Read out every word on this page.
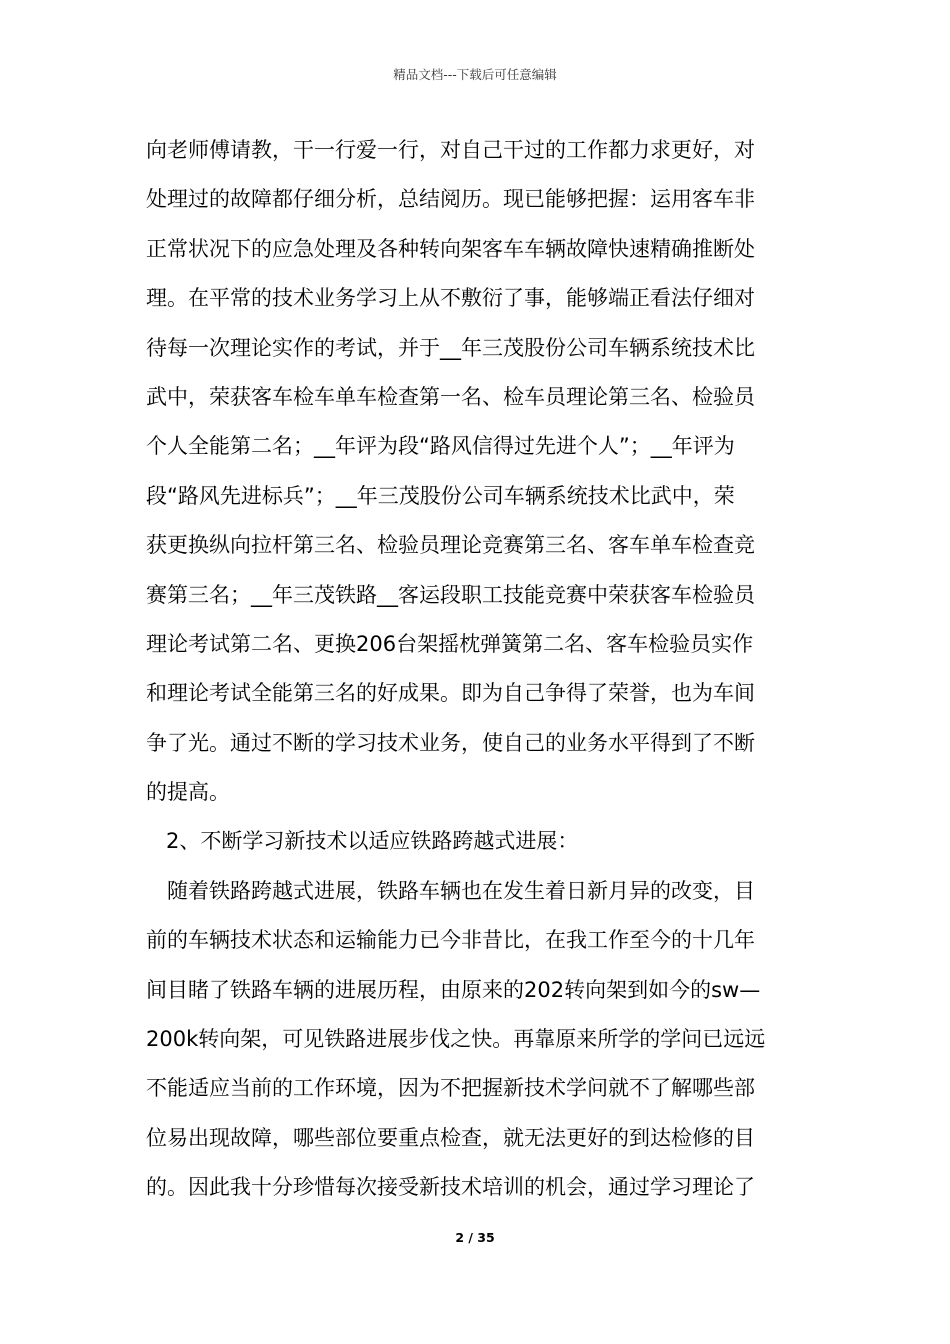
精品文档---下载后可任意编辑
向老师傅请教，干一行爱一行，对自己干过的工作都力求更好，对
处理过的故障都仔细分析，总结阅历。现已能够把握：运用客车非
正常状况下的应急处理及各种转向架客车车辆故障快速精确推断处
理。在平常的技术业务学习上从不敷衍了事，能够端正看法仔细对
待每一次理论实作的考试，并于__年三茂股份公司车辆系统技术比
武中，荣获客车检车单车检查第一名、检车员理论第三名、检验员
个人全能第二名；__年评为段“路风信得过先进个人”；__年评为
段“路风先进标兵”；__年三茂股份公司车辆系统技术比武中，荣
获更换纵向拉杆第三名、检验员理论竞赛第三名、客车单车检查竞
赛第三名；__年三茂铁路__客运段职工技能竞赛中荣获客车检验员
理论考试第二名、更换206台架摇枕弹簧第二名、客车检验员实作
和理论考试全能第三名的好成果。即为自己争得了荣誉，也为车间
争了光。通过不断的学习技术业务，使自己的业务水平得到了不断
的提高。
2、不断学习新技术以适应铁路跨越式进展：
随着铁路跨越式进展，铁路车辆也在发生着日新月异的改变，目
前的车辆技术状态和运输能力已今非昔比，在我工作至今的十几年
间目睹了铁路车辆的进展历程，由原来的202转向架到如今的sw—
200k转向架，可见铁路进展步伐之快。再靠原来所学的学问已远远
不能适应当前的工作环境，因为不把握新技术学问就不了解哪些部
位易出现故障，哪些部位要重点检查，就无法更好的到达检修的目
的。因此我十分珍惜每次接受新技术培训的机会，通过学习理论了
2 / 35
